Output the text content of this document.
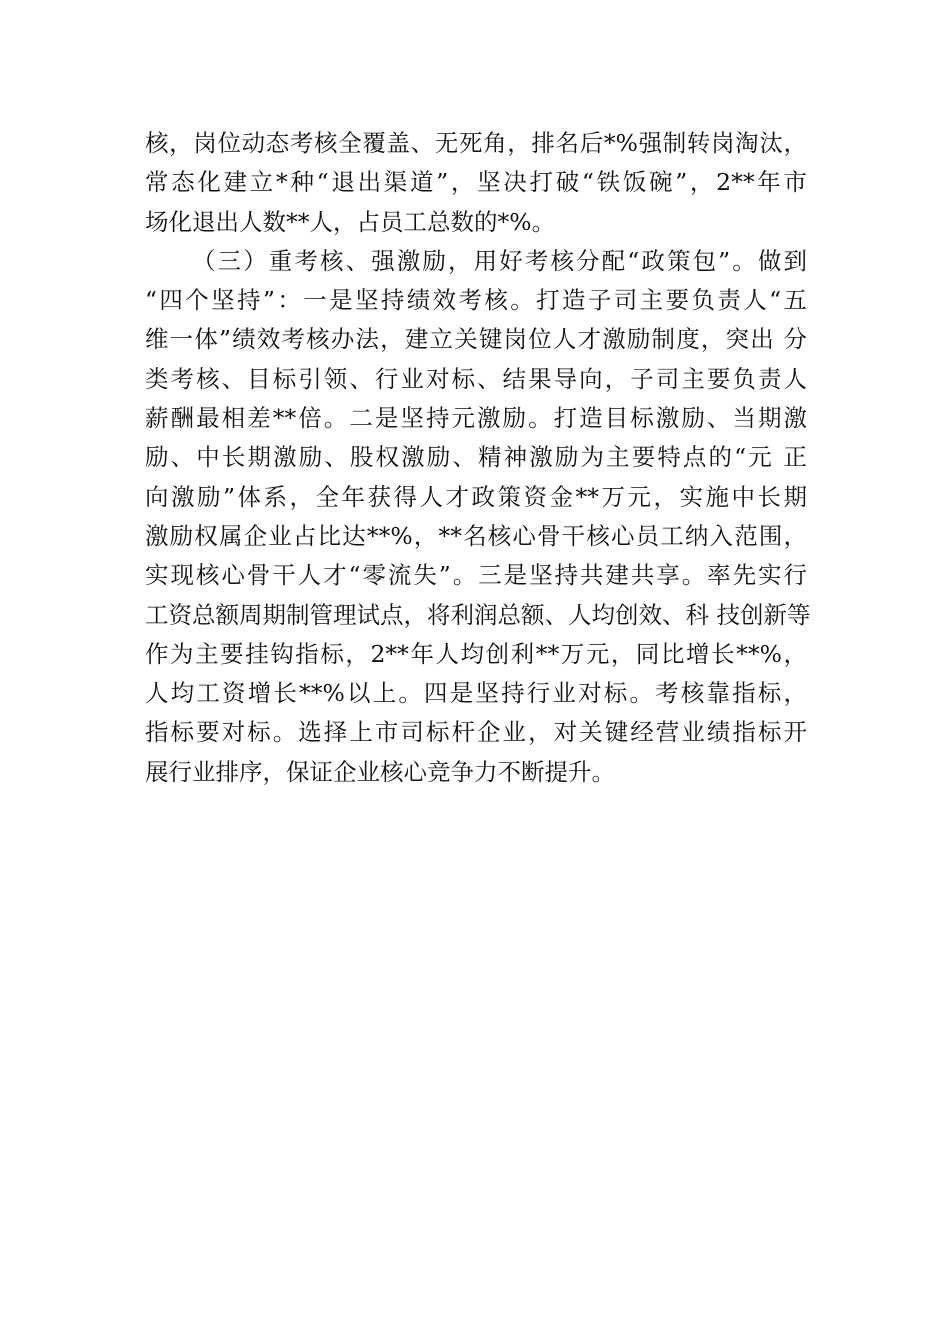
核，岗位动态考核全覆盖、无死角，排名后*%强制转岗淘汰，
常态化建立*种“退出渠道”，坚决打破“铁饭碗”，2**年市
场化退出人数**人，占员工总数的*%。
（三）重考核、强激励，用好考核分配“政策包”。做到
“四个坚持”：一是坚持绩效考核。打造子司主要负责人“五
维一体”绩效考核办法，建立关键岗位人才激励制度，突出 分
类考核、目标引领、行业对标、结果导向，子司主要负责人
薪酬最相差**倍。二是坚持元激励。打造目标激励、当期激
励、中长期激励、股权激励、精神激励为主要特点的“元 正
向激励”体系，全年获得人才政策资金**万元，实施中长期
激励权属企业占比达**%，**名核心骨干核心员工纳入范围，
实现核心骨干人才“零流失”。三是坚持共建共享。率先实行
工资总额周期制管理试点，将利润总额、人均创效、科 技创新等
作为主要挂钩指标，2**年人均创利**万元，同比增长**%，
人均工资增长**%以上。四是坚持行业对标。考核靠指标，
指标要对标。选择上市司标杆企业，对关键经营业绩指标开
展行业排序，保证企业核心竞争力不断提升。
